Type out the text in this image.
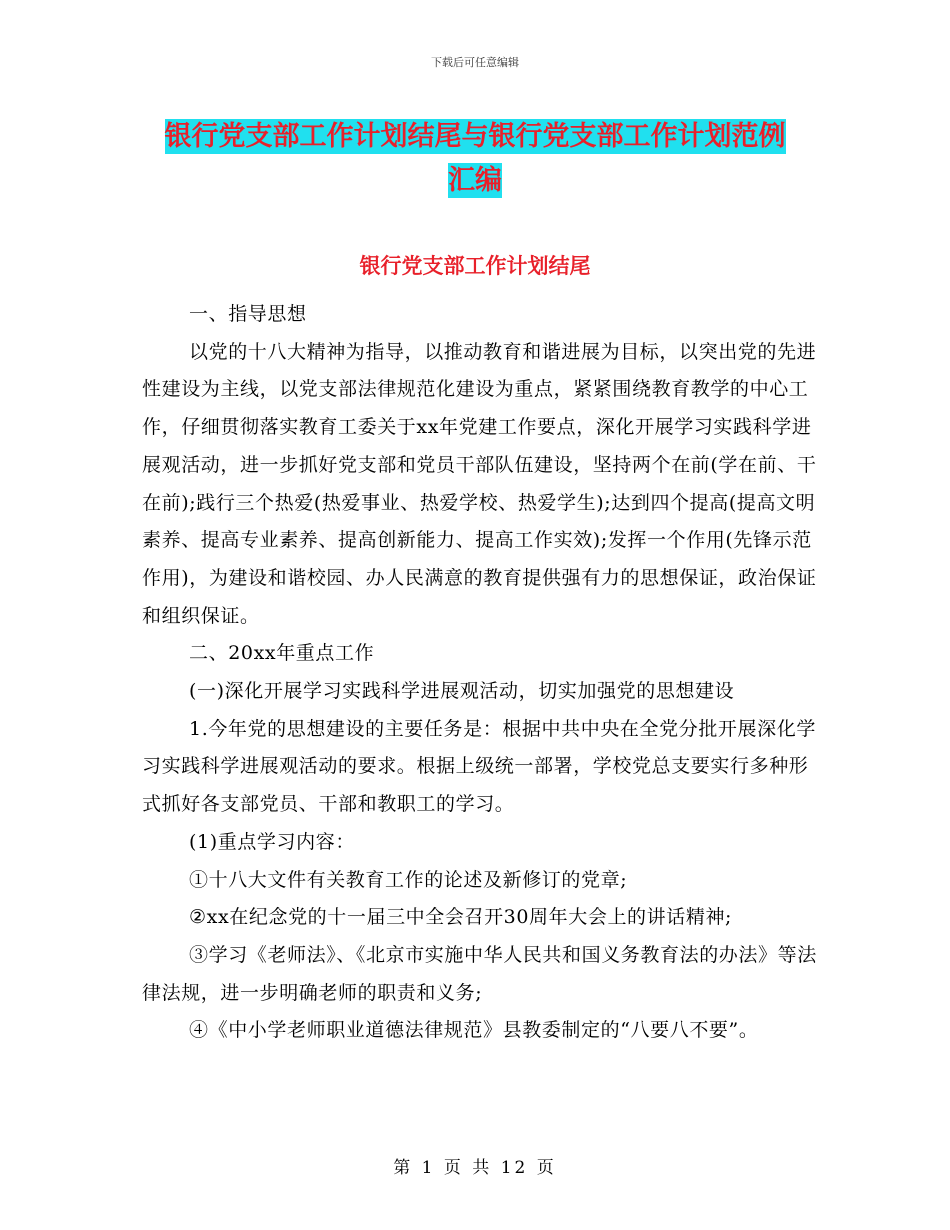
下载后可任意编辑
银行党支部工作计划结尾与银行党支部工作计划范例
汇编
银行党支部工作计划结尾

一、指导思想

以党的十八大精神为指导，以推动教育和谐进展为目标，以突出党的先进性建设为主线，以党支部法律规范化建设为重点，紧紧围绕教育教学的中心工作，仔细贯彻落实教育工委关于xx年党建工作要点，深化开展学习实践科学进展观活动，进一步抓好党支部和党员干部队伍建设，坚持两个在前(学在前、干在前);践行三个热爱(热爱事业、热爱学校、热爱学生);达到四个提高(提高文明素养、提高专业素养、提高创新能力、提高工作实效);发挥一个作用(先锋示范作用)，为建设和谐校园、办人民满意的教育提供强有力的思想保证，政治保证和组织保证。

二、20xx年重点工作

(一)深化开展学习实践科学进展观活动，切实加强党的思想建设

1.今年党的思想建设的主要任务是：根据中共中央在全党分批开展深化学习实践科学进展观活动的要求。根据上级统一部署，学校党总支要实行多种形式抓好各支部党员、干部和教职工的学习。

(1)重点学习内容：

①十八大文件有关教育工作的论述及新修订的党章;

②xx在纪念党的十一届三中全会召开30周年大会上的讲话精神;

③学习《老师法》、《北京市实施中华人民共和国义务教育法的办法》等法律法规，进一步明确老师的职责和义务;

④《中小学老师职业道德法律规范》县教委制定的“八要八不要”。

第 1 页 共 12 页
